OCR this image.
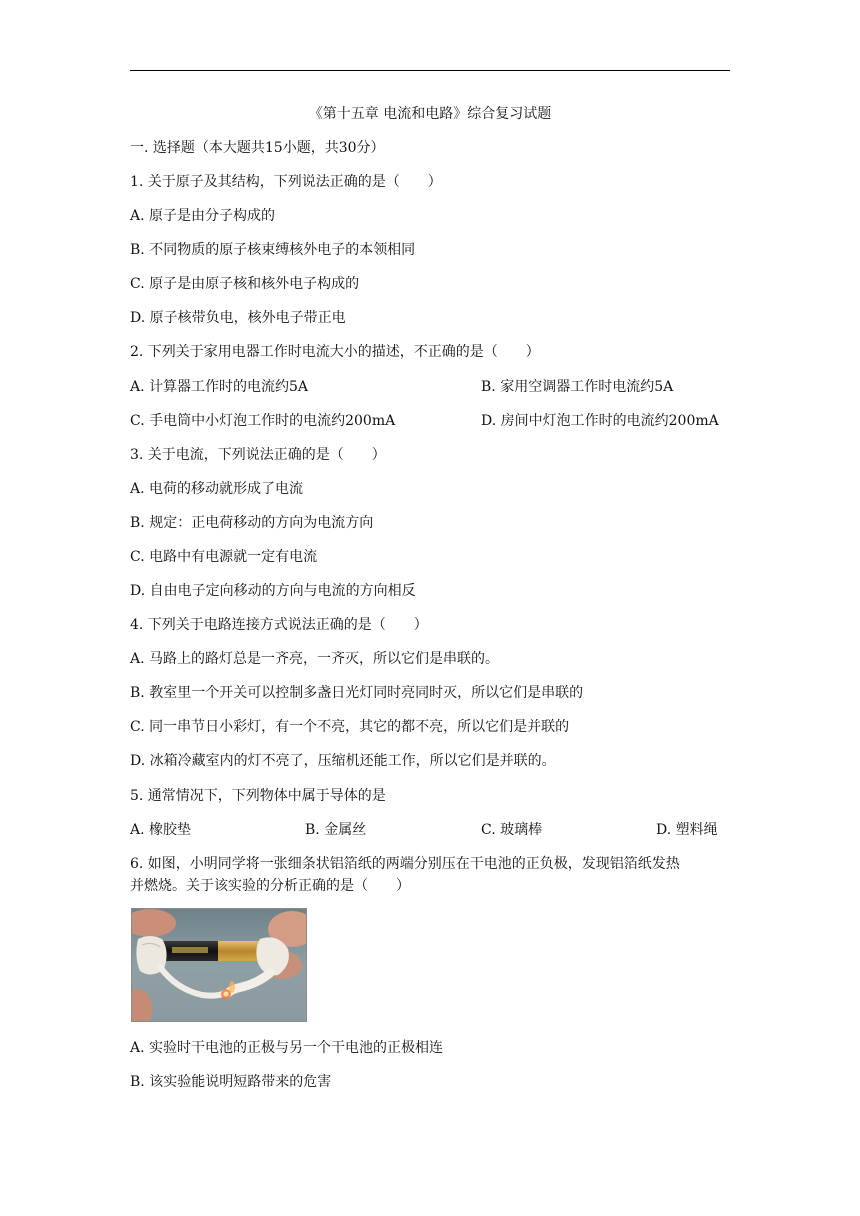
《第十五章 电流和电路》综合复习试题
一. 选择题（本大题共15小题，共30分）
1. 关于原子及其结构，下列说法正确的是（　　）
A. 原子是由分子构成的
B. 不同物质的原子核束缚核外电子的本领相同
C. 原子是由原子核和核外电子构成的
D. 原子核带负电，核外电子带正电
2. 下列关于家用电器工作时电流大小的描述，不正确的是（　　）
A. 计算器工作时的电流约5A	B. 家用空调器工作时电流约5A
C. 手电筒中小灯泡工作时的电流约200mA	D. 房间中灯泡工作时的电流约200mA
3. 关于电流，下列说法正确的是（　　）
A. 电荷的移动就形成了电流
B. 规定：正电荷移动的方向为电流方向
C. 电路中有电源就一定有电流
D. 自由电子定向移动的方向与电流的方向相反
4. 下列关于电路连接方式说法正确的是（　　）
A. 马路上的路灯总是一齐亮，一齐灭，所以它们是串联的。
B. 教室里一个开关可以控制多盏日光灯同时亮同时灭，所以它们是串联的
C. 同一串节日小彩灯，有一个不亮，其它的都不亮，所以它们是并联的
D. 冰箱冷藏室内的灯不亮了，压缩机还能工作，所以它们是并联的。
5. 通常情况下，下列物体中属于导体的是
A. 橡胶垫	B. 金属丝	C. 玻璃棒	D. 塑料绳
6. 如图，小明同学将一张细条状铝箔纸的两端分别压在干电池的正负极，发现铝箔纸发热
并燃烧。关于该实验的分析正确的是（　　）
A. 实验时干电池的正极与另一个干电池的正极相连
B. 该实验能说明短路带来的危害
